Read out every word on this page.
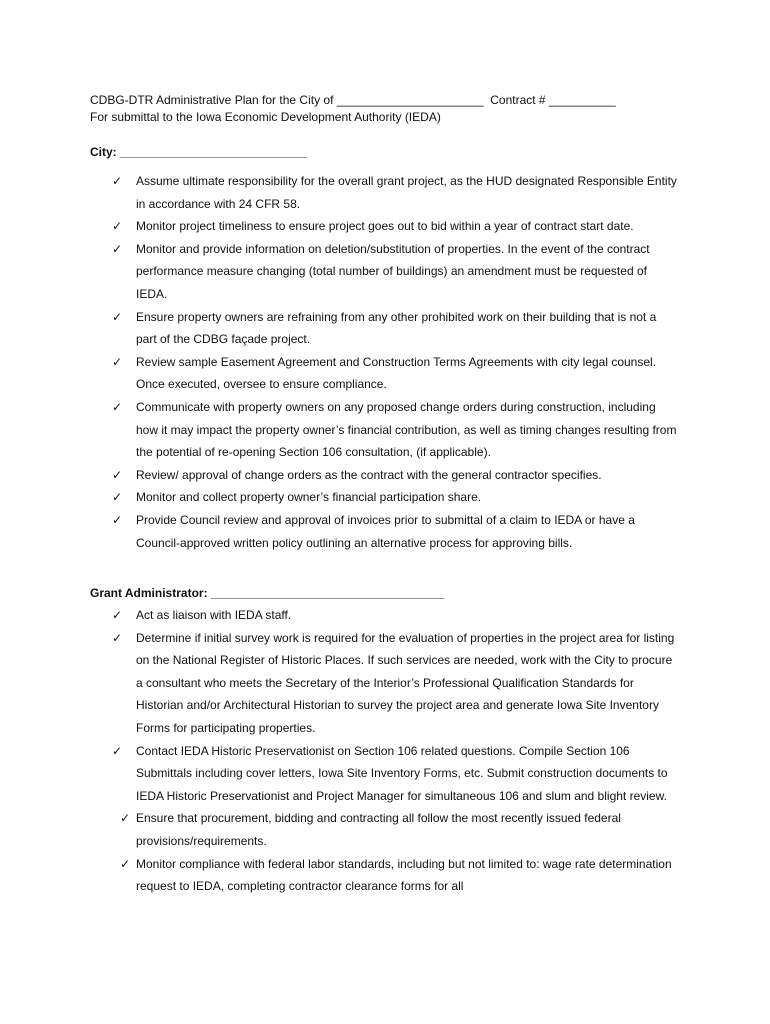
CDBG-DTR Administrative Plan for the City of ______________________  Contract # __________
For submittal to the Iowa Economic Development Authority (IEDA)
City: ____________________________
✓ Assume ultimate responsibility for the overall grant project, as the HUD designated Responsible Entity in accordance with 24 CFR 58.
✓ Monitor project timeliness to ensure project goes out to bid within a year of contract start date.
✓ Monitor and provide information on deletion/substitution of properties. In the event of the contract performance measure changing (total number of buildings) an amendment must be requested of IEDA.
✓ Ensure property owners are refraining from any other prohibited work on their building that is not a part of the CDBG façade project.
✓ Review sample Easement Agreement and Construction Terms Agreements with city legal counsel. Once executed, oversee to ensure compliance.
✓ Communicate with property owners on any proposed change orders during construction, including how it may impact the property owner’s financial contribution, as well as timing changes resulting from the potential of re-opening Section 106 consultation, (if applicable).
✓ Review/ approval of change orders as the contract with the general contractor specifies.
✓ Monitor and collect property owner’s financial participation share.
✓ Provide Council review and approval of invoices prior to submittal of a claim to IEDA or have a Council-approved written policy outlining an alternative process for approving bills.
Grant Administrator: ___________________________________
✓ Act as liaison with IEDA staff.
✓ Determine if initial survey work is required for the evaluation of properties in the project area for listing on the National Register of Historic Places. If such services are needed, work with the City to procure a consultant who meets the Secretary of the Interior’s Professional Qualification Standards for Historian and/or Architectural Historian to survey the project area and generate Iowa Site Inventory Forms for participating properties.
✓ Contact IEDA Historic Preservationist on Section 106 related questions. Compile Section 106 Submittals including cover letters, Iowa Site Inventory Forms, etc. Submit construction documents to IEDA Historic Preservationist and Project Manager for simultaneous 106 and slum and blight review.
✓ Ensure that procurement, bidding and contracting all follow the most recently issued federal provisions/requirements.
✓ Monitor compliance with federal labor standards, including but not limited to: wage rate determination request to IEDA, completing contractor clearance forms for all
